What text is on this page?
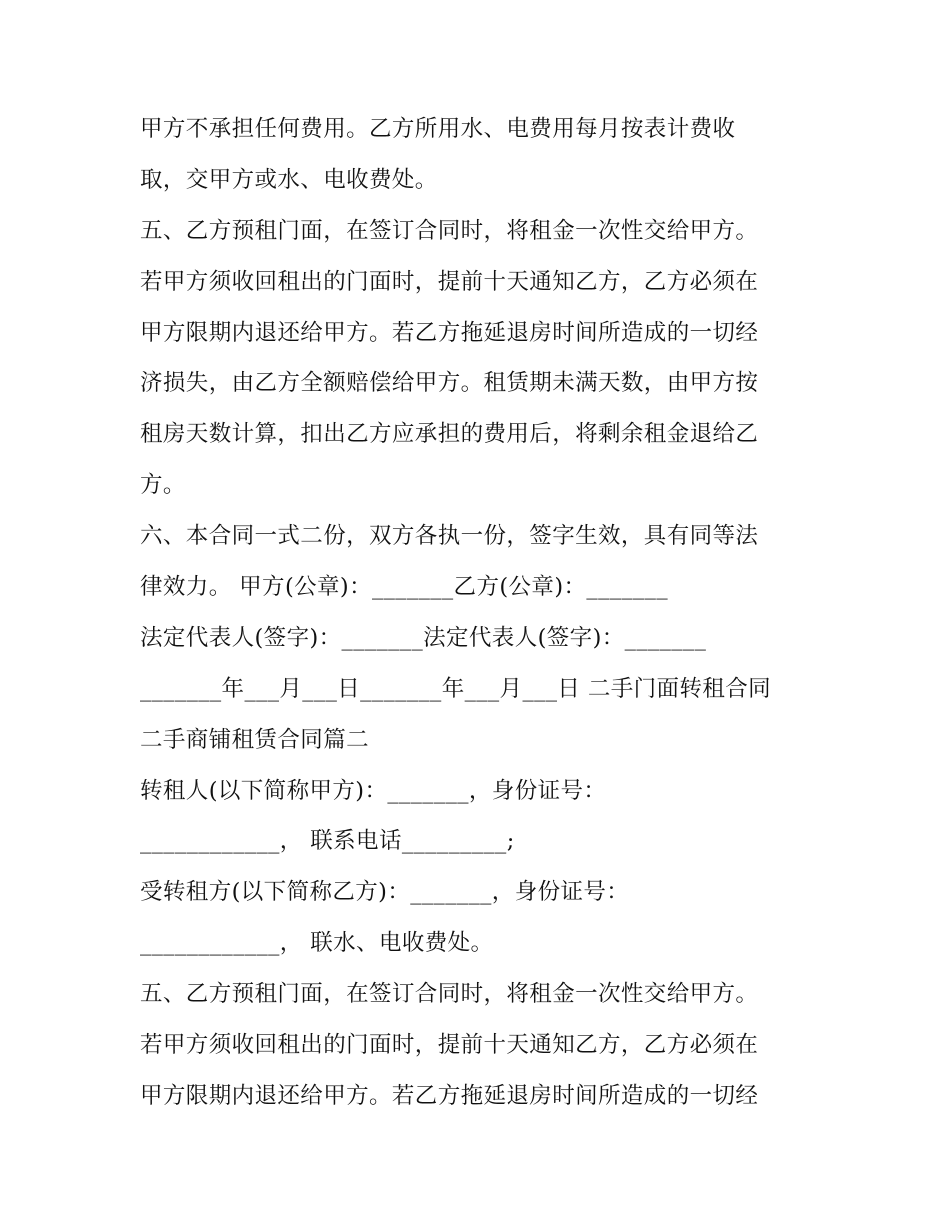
甲方不承担任何费用。乙方所用水、电费用每月按表计费收
取，交甲方或水、电收费处。
五、乙方预租门面，在签订合同时，将租金一次性交给甲方。
若甲方须收回租出的门面时，提前十天通知乙方，乙方必须在
甲方限期内退还给甲方。若乙方拖延退房时间所造成的一切经
济损失，由乙方全额赔偿给甲方。租赁期未满天数，由甲方按
租房天数计算，扣出乙方应承担的费用后，将剩余租金退给乙
方。
六、本合同一式二份，双方各执一份，签字生效，具有同等法
律效力。 甲方(公章)：_______乙方(公章)：_______
法定代表人(签字)：_______法定代表人(签字)：_______
_______年___月___日_______年___月___日 二手门面转租合同
二手商铺租赁合同篇二
转租人(以下简称甲方)：_______，身份证号：
____________， 联系电话_________;
受转租方(以下简称乙方)：_______，身份证号：
____________， 联水、电收费处。
五、乙方预租门面，在签订合同时，将租金一次性交给甲方。
若甲方须收回租出的门面时，提前十天通知乙方，乙方必须在
甲方限期内退还给甲方。若乙方拖延退房时间所造成的一切经
